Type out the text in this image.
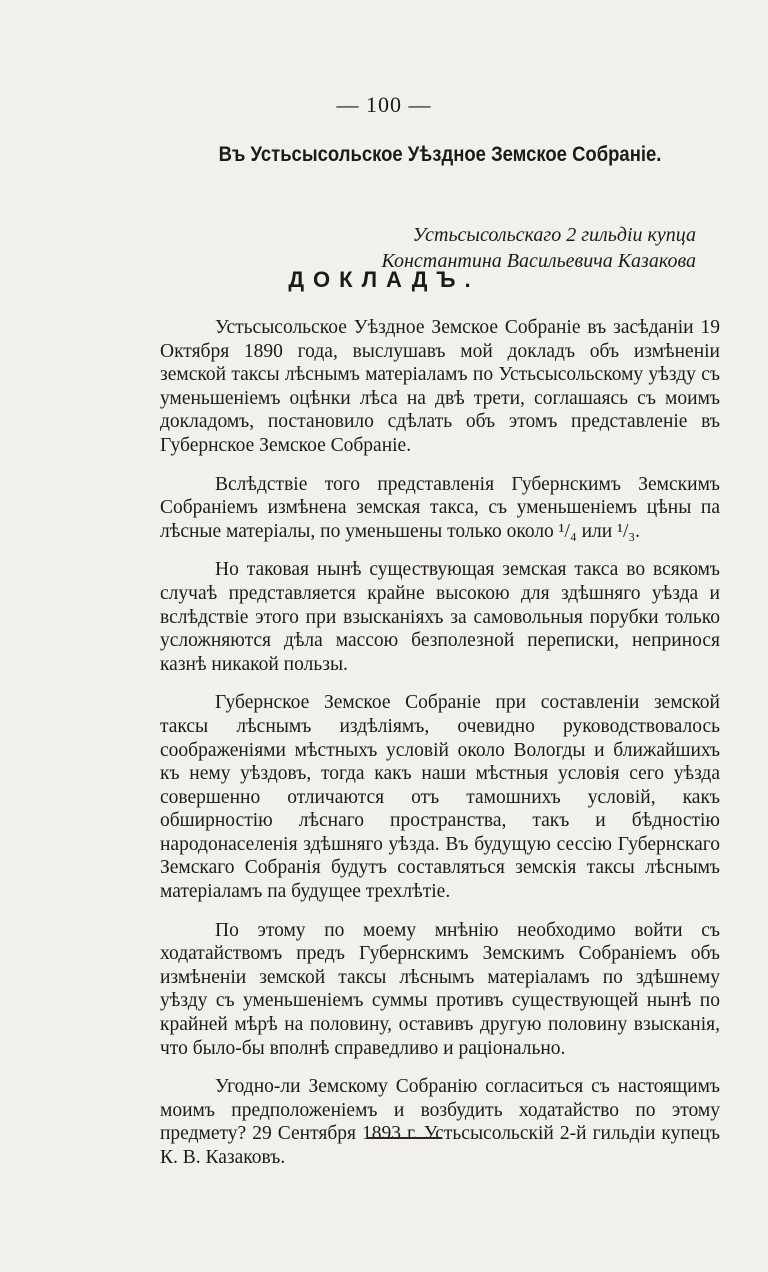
— 100 —
Въ Устьсысольское Уѣздное Земское Собраніе.
Устьсысольскаго 2 гильдіи купца
Константина Васильевича Казакова
ДОКЛАДЪ.

Устьсысольское Уѣздное Земское Собраніе въ засѣданіи 19 Октября 1890 года, выслушавъ мой докладъ объ измѣненіи земской таксы лѣснымъ матеріаламъ по Устьсысольскому уѣзду съ уменьшеніемъ оцѣнки лѣса на двѣ трети, соглашаясь съ моимъ докладомъ, постановило сдѣлать объ этомъ представленіе въ Губернское Земское Собраніе.

Вслѣдствіе того представленія Губернскимъ Земскимъ Собраніемъ измѣнена земская такса, съ уменьшеніемъ цѣны па лѣсные матеріалы, по уменьшены только около ¹/₄ или ¹/₃.

Но таковая нынѣ существующая земская такса во всякомъ случаѣ представляется крайне высокою для здѣшняго уѣзда и вслѣдствіе этого при взысканіяхъ за самовольныя порубки только усложняются дѣла массою безполезной переписки, непринося казнѣ никакой пользы.

Губернское Земское Собраніе при составленіи земской таксы лѣснымъ издѣліямъ, очевидно руководствовалось соображеніями мѣстныхъ условій около Вологды и ближайшихъ къ нему уѣздовъ, тогда какъ наши мѣстныя условія сего уѣзда совершенно отличаются отъ тамошнихъ условій, какъ обширностію лѣснаго пространства, такъ и бѣдностію народонаселенія здѣшняго уѣзда. Въ будущую сессію Губернскаго Земскаго Собранія будутъ составляться земскія таксы лѣснымъ матеріаламъ па будущее трехлѣтіе.

По этому по моему мнѣнію необходимо войти съ ходатайствомъ предъ Губернскимъ Земскимъ Собраніемъ объ измѣненіи земской таксы лѣснымъ матеріаламъ по здѣшнему уѣзду съ уменьшеніемъ суммы противъ существующей нынѣ по крайней мѣрѣ на половину, оставивъ другую половину взысканія, что было-бы вполнѣ справедливо и раціонально.

Угодно-ли Земскому Собранію согласиться съ настоящимъ моимъ предположеніемъ и возбудить ходатайство по этому предмету? 29 Сентября 1893 г. Устьсысольскій 2-й гильдіи купецъ К. В. Казаковъ.
